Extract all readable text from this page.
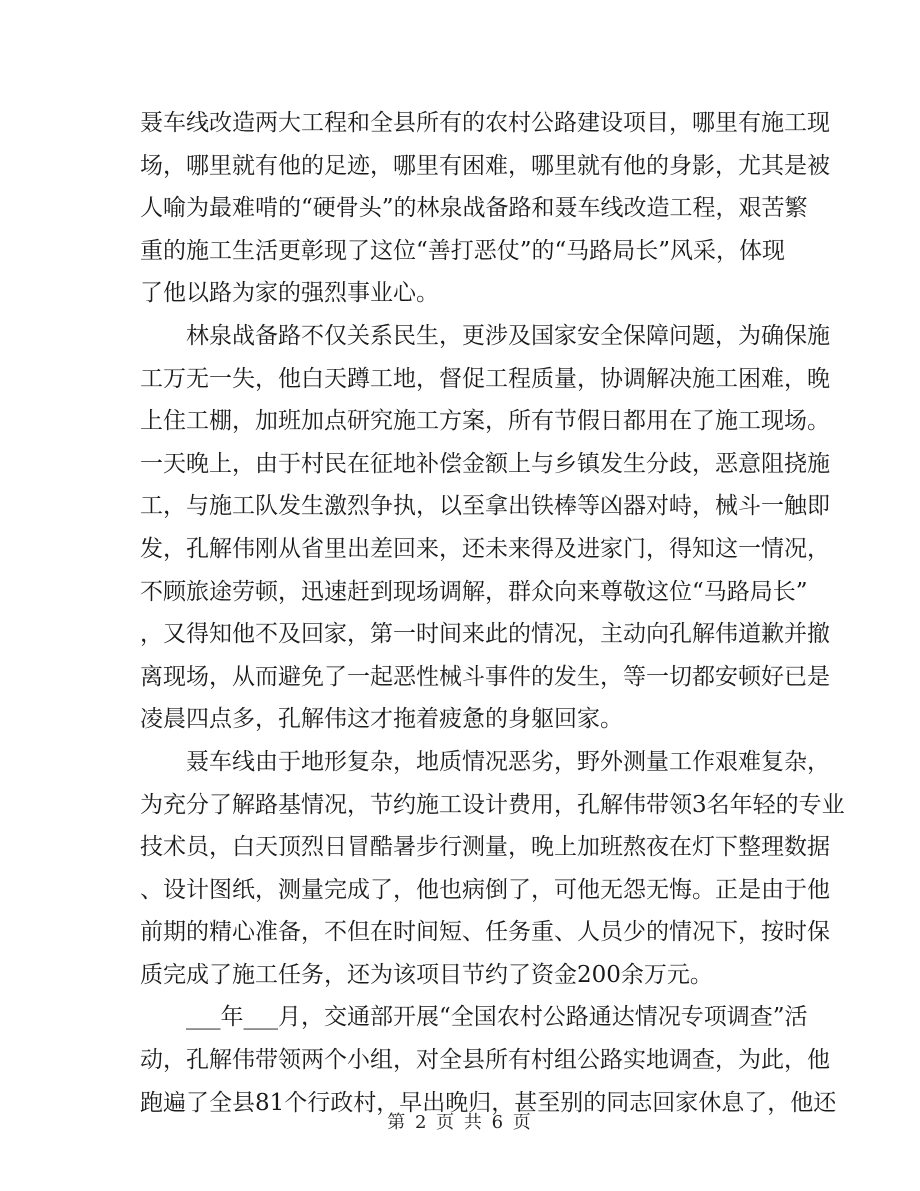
聂车线改造两大工程和全县所有的农村公路建设项目，哪里有施工现
场，哪里就有他的足迹，哪里有困难，哪里就有他的身影，尤其是被
人喻为最难啃的“硬骨头”的林泉战备路和聂车线改造工程，艰苦繁
重的施工生活更彰现了这位“善打恶仗”的“马路局长”风采，体现
了他以路为家的强烈事业心。
林泉战备路不仅关系民生，更涉及国家安全保障问题，为确保施
工万无一失，他白天蹲工地，督促工程质量，协调解决施工困难，晚
上住工棚，加班加点研究施工方案，所有节假日都用在了施工现场。
一天晚上，由于村民在征地补偿金额上与乡镇发生分歧，恶意阻挠施
工，与施工队发生激烈争执，以至拿出铁棒等凶器对峙，械斗一触即
发，孔解伟刚从省里出差回来，还未来得及进家门，得知这一情况，
不顾旅途劳顿，迅速赶到现场调解，群众向来尊敬这位“马路局长”
，又得知他不及回家，第一时间来此的情况，主动向孔解伟道歉并撤
离现场，从而避免了一起恶性械斗事件的发生，等一切都安顿好已是
凌晨四点多，孔解伟这才拖着疲惫的身躯回家。
聂车线由于地形复杂，地质情况恶劣，野外测量工作艰难复杂，
为充分了解路基情况，节约施工设计费用，孔解伟带领3名年轻的专业
技术员，白天顶烈日冒酷暑步行测量，晚上加班熬夜在灯下整理数据
、设计图纸，测量完成了，他也病倒了，可他无怨无悔。正是由于他
前期的精心准备，不但在时间短、任务重、人员少的情况下，按时保
质完成了施工任务，还为该项目节约了资金200余万元。
___年___月，交通部开展“全国农村公路通达情况专项调查”活
动，孔解伟带领两个小组，对全县所有村组公路实地调查，为此，他
跑遍了全县81个行政村，早出晚归，甚至别的同志回家休息了，他还
第 2 页 共 6 页
